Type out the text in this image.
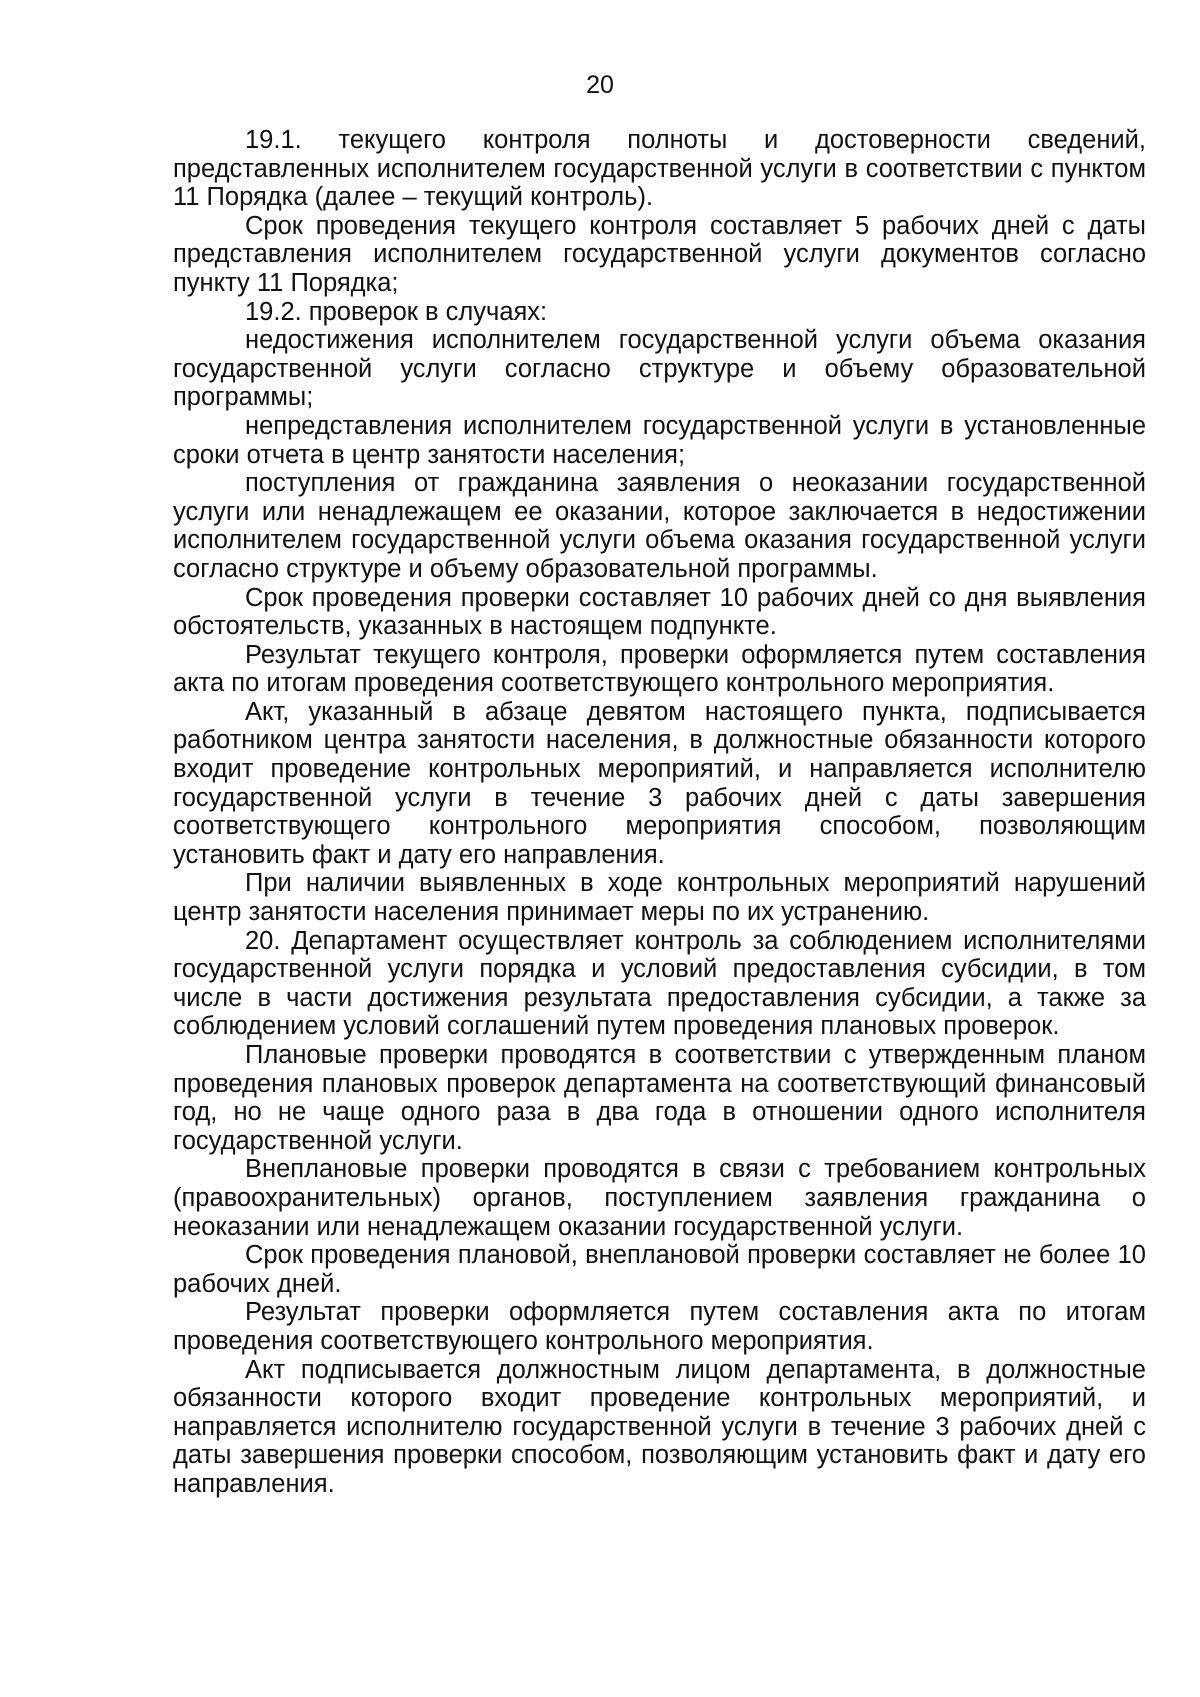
20

19.1. текущего контроля полноты и достоверности сведений, представленных исполнителем государственной услуги в соответствии с пунктом 11 Порядка (далее – текущий контроль).

Срок проведения текущего контроля составляет 5 рабочих дней с даты представления исполнителем государственной услуги документов согласно пункту 11 Порядка;

19.2. проверок в случаях:

недостижения исполнителем государственной услуги объема оказания государственной услуги согласно структуре и объему образовательной программы;

непредставления исполнителем государственной услуги в установленные сроки отчета в центр занятости населения;

поступления от гражданина заявления о неоказании государственной услуги или ненадлежащем ее оказании, которое заключается в недостижении исполнителем государственной услуги объема оказания государственной услуги согласно структуре и объему образовательной программы.

Срок проведения проверки составляет 10 рабочих дней со дня выявления обстоятельств, указанных в настоящем подпункте.

Результат текущего контроля, проверки оформляется путем составления акта по итогам проведения соответствующего контрольного мероприятия.

Акт, указанный в абзаце девятом настоящего пункта, подписывается работником центра занятости населения, в должностные обязанности которого входит проведение контрольных мероприятий, и направляется исполнителю государственной услуги в течение 3 рабочих дней с даты завершения соответствующего контрольного мероприятия способом, позволяющим установить факт и дату его направления.

При наличии выявленных в ходе контрольных мероприятий нарушений центр занятости населения принимает меры по их устранению.

20. Департамент осуществляет контроль за соблюдением исполнителями государственной услуги порядка и условий предоставления субсидии, в том числе в части достижения результата предоставления субсидии, а также за соблюдением условий соглашений путем проведения плановых проверок.

Плановые проверки проводятся в соответствии с утвержденным планом проведения плановых проверок департамента на соответствующий финансовый год, но не чаще одного раза в два года в отношении одного исполнителя государственной услуги.

Внеплановые проверки проводятся в связи с требованием контрольных (правоохранительных) органов, поступлением заявления гражданина о неоказании или ненадлежащем оказании государственной услуги.

Срок проведения плановой, внеплановой проверки составляет не более 10 рабочих дней.

Результат проверки оформляется путем составления акта по итогам проведения соответствующего контрольного мероприятия.

Акт подписывается должностным лицом департамента, в должностные обязанности которого входит проведение контрольных мероприятий, и направляется исполнителю государственной услуги в течение 3 рабочих дней с даты завершения проверки способом, позволяющим установить факт и дату его направления.
